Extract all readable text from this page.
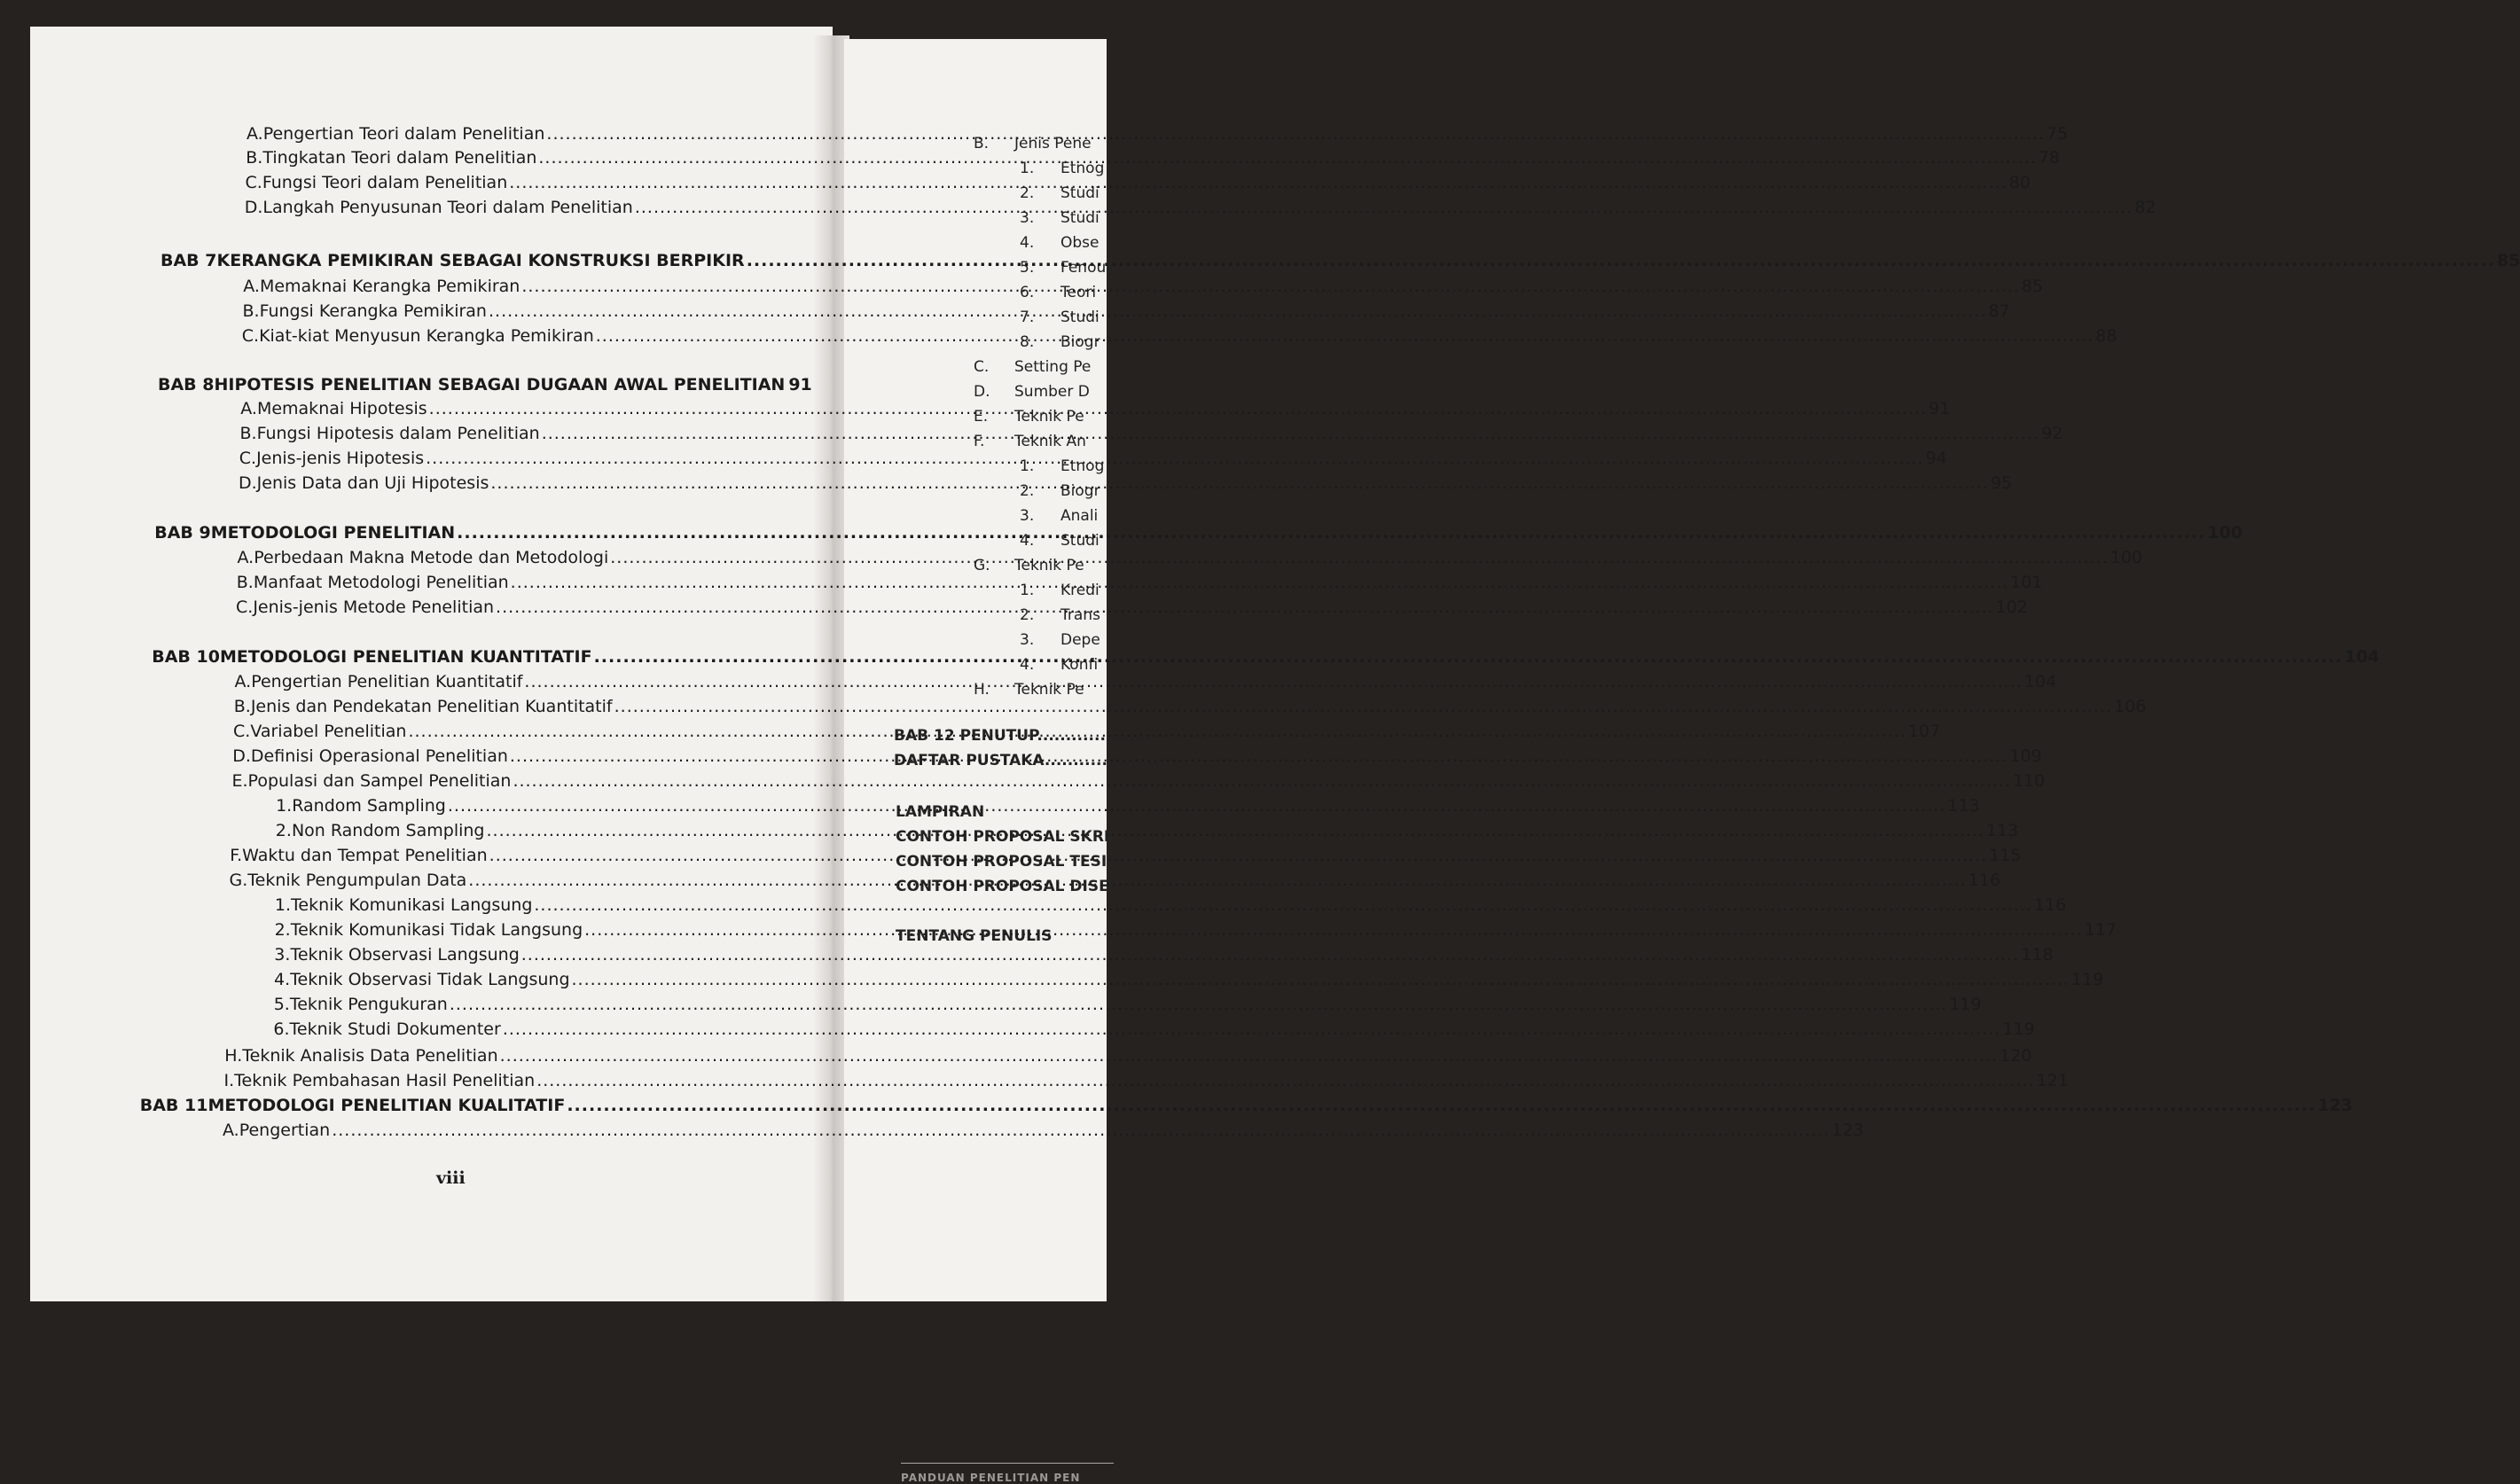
B. Jenis Pene
1. Etnog
2. Studi
3. Studi
4. Obse
5. Fenou
6. Teori
7. Studi
8. Biogr
C. Setting Pe
D. Sumber D
E. Teknik Pe
F. Teknik An
1. Etnog
2. Biogr
3. Anali
4. Studi
G. Teknik Pe
1. Kredi
2. Trans
3. Depe
4. Konfi
H. Teknik Pe
BAB 12 PENUTUP .....
DAFTAR PUSTAKA .....
LAMPIRAN
CONTOH PROPOSAL SKRI
CONTOH PROPOSAL TESI
CONTOH PROPOSAL DISE
TENTANG PENULIS
PANDUAN PENELITIAN PEN
A. Pengertian Teori dalam Penelitian .....	75
B. Tingkatan Teori dalam Penelitian .....	78
C. Fungsi Teori dalam Penelitian .....	80
D. Langkah Penyusunan Teori dalam Penelitian .....	82
BAB 7 KERANGKA PEMIKIRAN SEBAGAI KONSTRUKSI BERPIKIR .....	85
A. Memaknai Kerangka Pemikiran .....	85
B. Fungsi Kerangka Pemikiran .....	87
C. Kiat-kiat Menyusun Kerangka Pemikiran .....	88
BAB 8 HIPOTESIS PENELITIAN SEBAGAI DUGAAN AWAL PENELITIAN 91
A. Memaknai Hipotesis .....	91
B. Fungsi Hipotesis dalam Penelitian .....	92
C. Jenis-jenis Hipotesis .....	94
D. Jenis Data dan Uji Hipotesis .....	95
BAB 9 METODOLOGI PENELITIAN .....	100
A. Perbedaan Makna Metode dan Metodologi .....	100
B. Manfaat Metodologi Penelitian .....	101
C. Jenis-jenis Metode Penelitian .....	102
BAB 10 METODOLOGI PENELITIAN KUANTITATIF .....	104
A. Pengertian Penelitian Kuantitatif .....	104
B. Jenis dan Pendekatan Penelitian Kuantitatif .....	106
C. Variabel Penelitian .....	107
D. Definisi Operasional Penelitian .....	109
E. Populasi dan Sampel Penelitian .....	110
1. Random Sampling .....	113
2. Non Random Sampling .....	113
F. Waktu dan Tempat Penelitian .....	115
G. Teknik Pengumpulan Data .....	116
1. Teknik Komunikasi Langsung .....	116
2. Teknik Komunikasi Tidak Langsung .....	117
3. Teknik Observasi Langsung .....	118
4. Teknik Observasi Tidak Langsung .....	119
5. Teknik Pengukuran .....	119
6. Teknik Studi Dokumenter .....	119
H. Teknik Analisis Data Penelitian .....	120
I. Teknik Pembahasan Hasil Penelitian .....	121
BAB 11 METODOLOGI PENELITIAN KUALITATIF .....	123
A. Pengertian .....	123
viii
